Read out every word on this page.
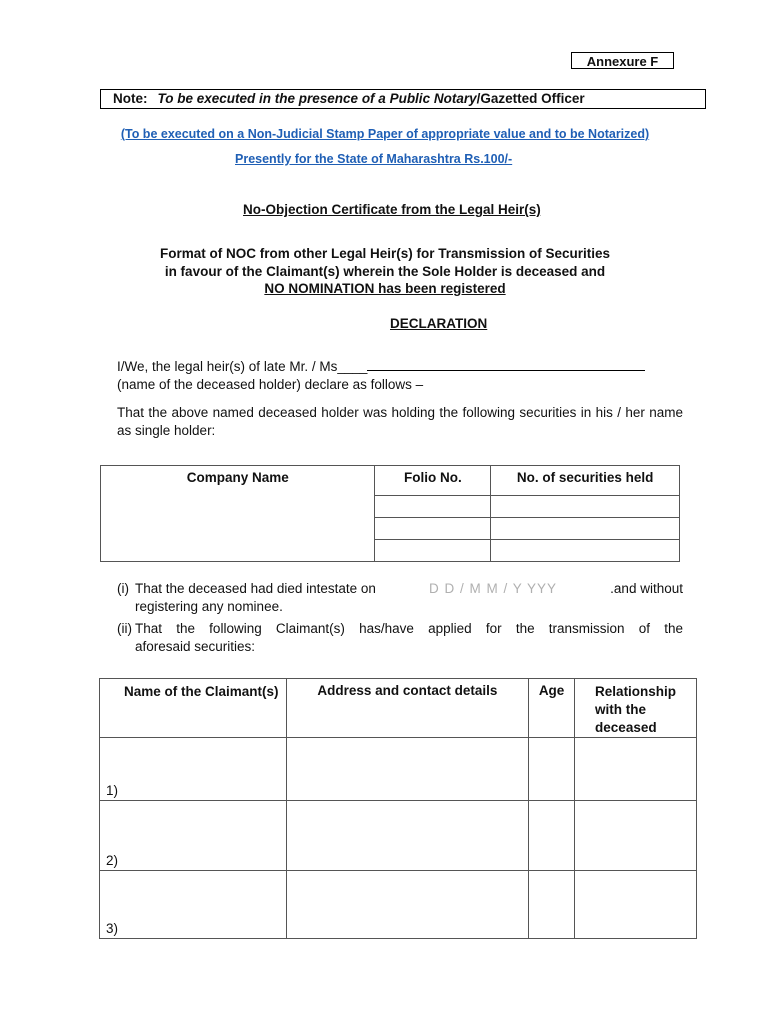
Annexure F
Note: To be executed in the presence of a Public Notary/Gazetted Officer
(To be executed on a Non-Judicial Stamp Paper of appropriate value and to be Notarized)
Presently for the State of Maharashtra Rs.100/-
No-Objection Certificate from the Legal Heir(s)
Format of NOC from other Legal Heir(s) for Transmission of Securities
in favour of the Claimant(s) wherein the Sole Holder is deceased and
NO NOMINATION has been registered
DECLARATION
I/We, the legal heir(s) of late Mr. / Ms____
(name of the deceased holder) declare as follows –
That the above named deceased holder was holding the following securities in his / her name as single holder:
Company Name	Folio No.	No. of securities held

(i) That the deceased had died intestate on	D D / M M / Y YYY	.and without
registering any nominee.
(ii) That the following Claimant(s) has/have applied for the transmission of the
aforesaid securities:
Name of the Claimant(s)	Address and contact details	Age	Relationship with the deceased
1)			
2)			
3)			
